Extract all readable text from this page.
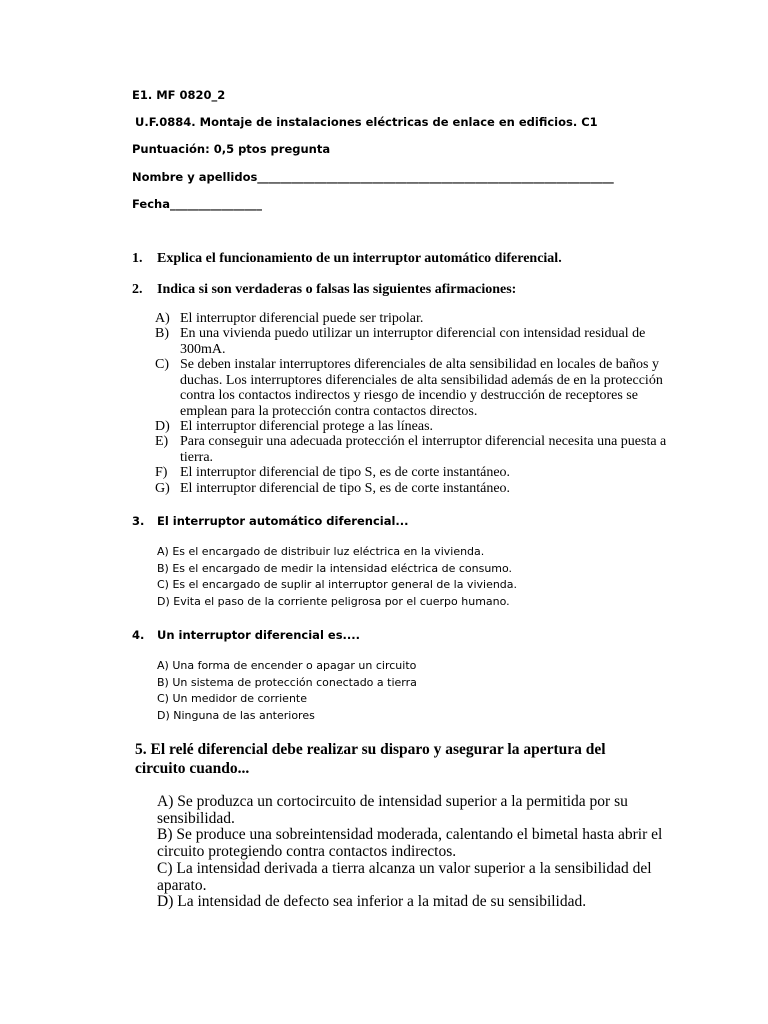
E1. MF 0820_2
U.F.0884. Montaje de instalaciones eléctricas de enlace en edificios. C1
Puntuación: 0,5 ptos pregunta
Nombre y apellidos______________________________________________________________
Fecha________________
1. Explica el funcionamiento de un interruptor automático diferencial.
2. Indica si son verdaderas o falsas las siguientes afirmaciones:
A) El interruptor diferencial puede ser tripolar.
B) En una vivienda puedo utilizar un interruptor diferencial con intensidad residual de 300mA.
C) Se deben instalar interruptores diferenciales de alta sensibilidad en locales de baños y duchas. Los interruptores diferenciales de alta sensibilidad además de en la protección contra los contactos indirectos y riesgo de incendio y destrucción de receptores se emplean para la protección contra contactos directos.
D) El interruptor diferencial protege a las líneas.
E) Para conseguir una adecuada protección el interruptor diferencial necesita una puesta a tierra.
F) El interruptor diferencial de tipo S, es de corte instantáneo.
G) El interruptor diferencial de tipo S, es de corte instantáneo.
3. El interruptor automático diferencial...
A) Es el encargado de distribuir luz eléctrica en la vivienda.
B) Es el encargado de medir la intensidad eléctrica de consumo.
C) Es el encargado de suplir al interruptor general de la vivienda.
D) Evita el paso de la corriente peligrosa por el cuerpo humano.
4. Un interruptor diferencial es....
A) Una forma de encender o apagar un circuito
B) Un sistema de protección conectado a tierra
C) Un medidor de corriente
D) Ninguna de las anteriores
5. El relé diferencial debe realizar su disparo y asegurar la apertura del
circuito cuando...
A) Se produzca un cortocircuito de intensidad superior a la permitida por su sensibilidad.
B) Se produce una sobreintensidad moderada, calentando el bimetal hasta abrir el circuito protegiendo contra contactos indirectos.
C) La intensidad derivada a tierra alcanza un valor superior a la sensibilidad del aparato.
D) La intensidad de defecto sea inferior a la mitad de su sensibilidad.
